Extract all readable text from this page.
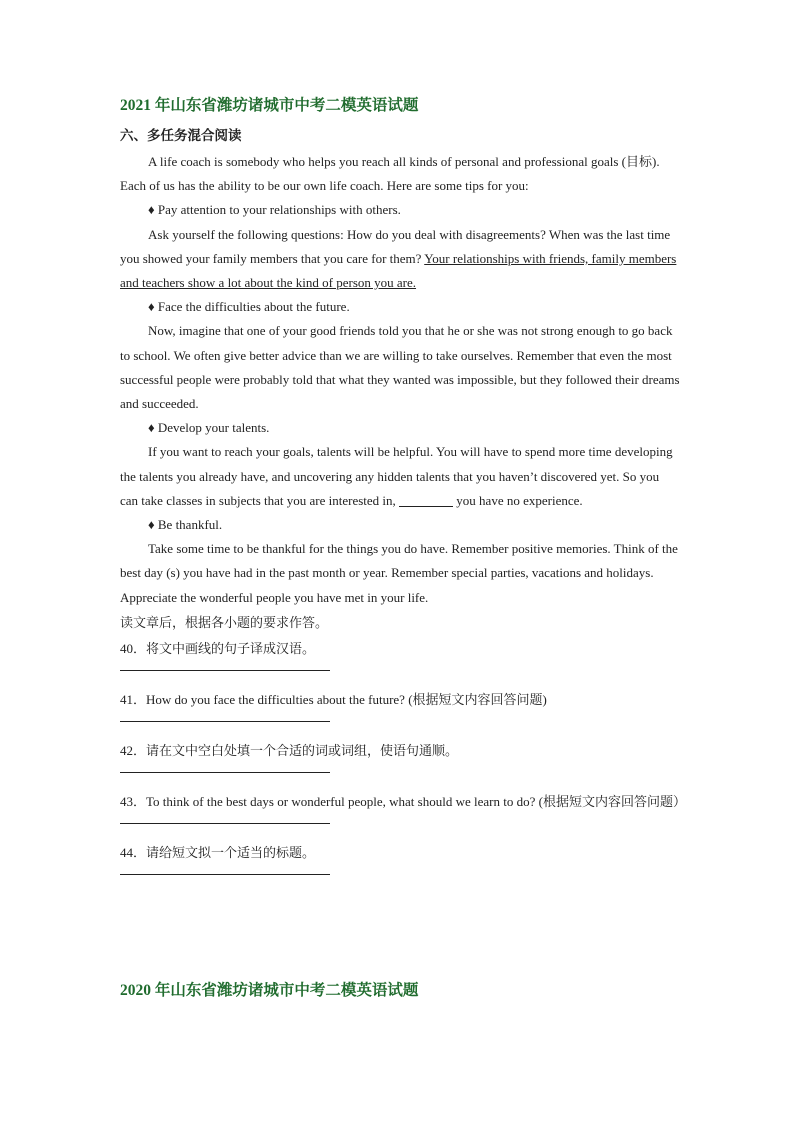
2021 年山东省潍坊诸城市中考二模英语试题
六、多任务混合阅读

A life coach is somebody who helps you reach all kinds of personal and professional goals (目标). Each of us has the ability to be our own life coach. Here are some tips for you:

♦ Pay attention to your relationships with others.

Ask yourself the following questions: How do you deal with disagreements? When was the last time you showed your family members that you care for them? Your relationships with friends, family members and teachers show a lot about the kind of person you are.

♦ Face the difficulties about the future.

Now, imagine that one of your good friends told you that he or she was not strong enough to go back to school. We often give better advice than we are willing to take ourselves. Remember that even the most successful people were probably told that what they wanted was impossible, but they followed their dreams and succeeded.

♦ Develop your talents.

If you want to reach your goals, talents will be helpful. You will have to spend more time developing the talents you already have, and uncovering any hidden talents that you haven’t discovered yet. So you can take classes in subjects that you are interested in,	you have no experience.

♦ Be thankful.

Take some time to be thankful for the things you do have. Remember positive memories. Think of the best day (s) you have had in the past month or year. Remember special parties, vacations and holidays. Appreciate the wonderful people you have met in your life.

读文章后，根据各小题的要求作答。

40．将文中画线的句子译成汉语。

41．How do you face the difficulties about the future? (根据短文内容回答问题)

42．请在文中空白处填一个合适的词或词组，使语句通顺。

43．To think of the best days or wonderful people, what should we learn to do? (根据短文内容回答问题）

44．请给短文拟一个适当的标题。

2020 年山东省潍坊诸城市中考二模英语试题
